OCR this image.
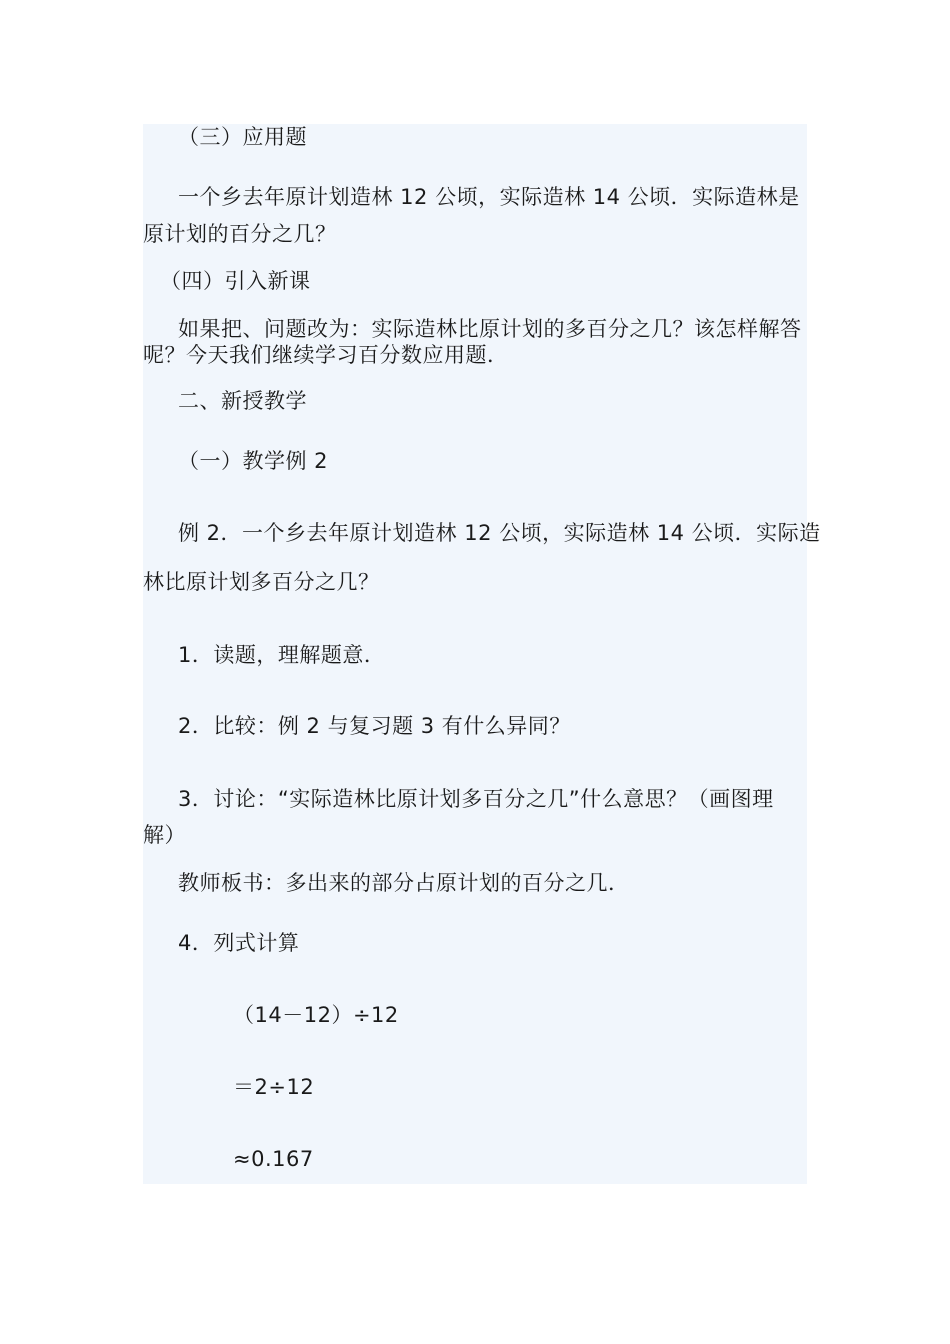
（三）应用题
一个乡去年原计划造林 12 公顷，实际造林 14 公顷．实际造林是
原计划的百分之几？
（四）引入新课
如果把、问题改为：实际造林比原计划的多百分之几？该怎样解答
呢？今天我们继续学习百分数应用题．
二、新授教学
（一）教学例 2
例 2．一个乡去年原计划造林 12 公顷，实际造林 14 公顷．实际造
林比原计划多百分之几？
1．读题，理解题意．
2．比较：例 2 与复习题 3 有什么异同？
3．讨论：“实际造林比原计划多百分之几”什么意思？（画图理
解）
教师板书：多出来的部分占原计划的百分之几．
4．列式计算
（14－12）÷12
＝2÷12
≈0.167
